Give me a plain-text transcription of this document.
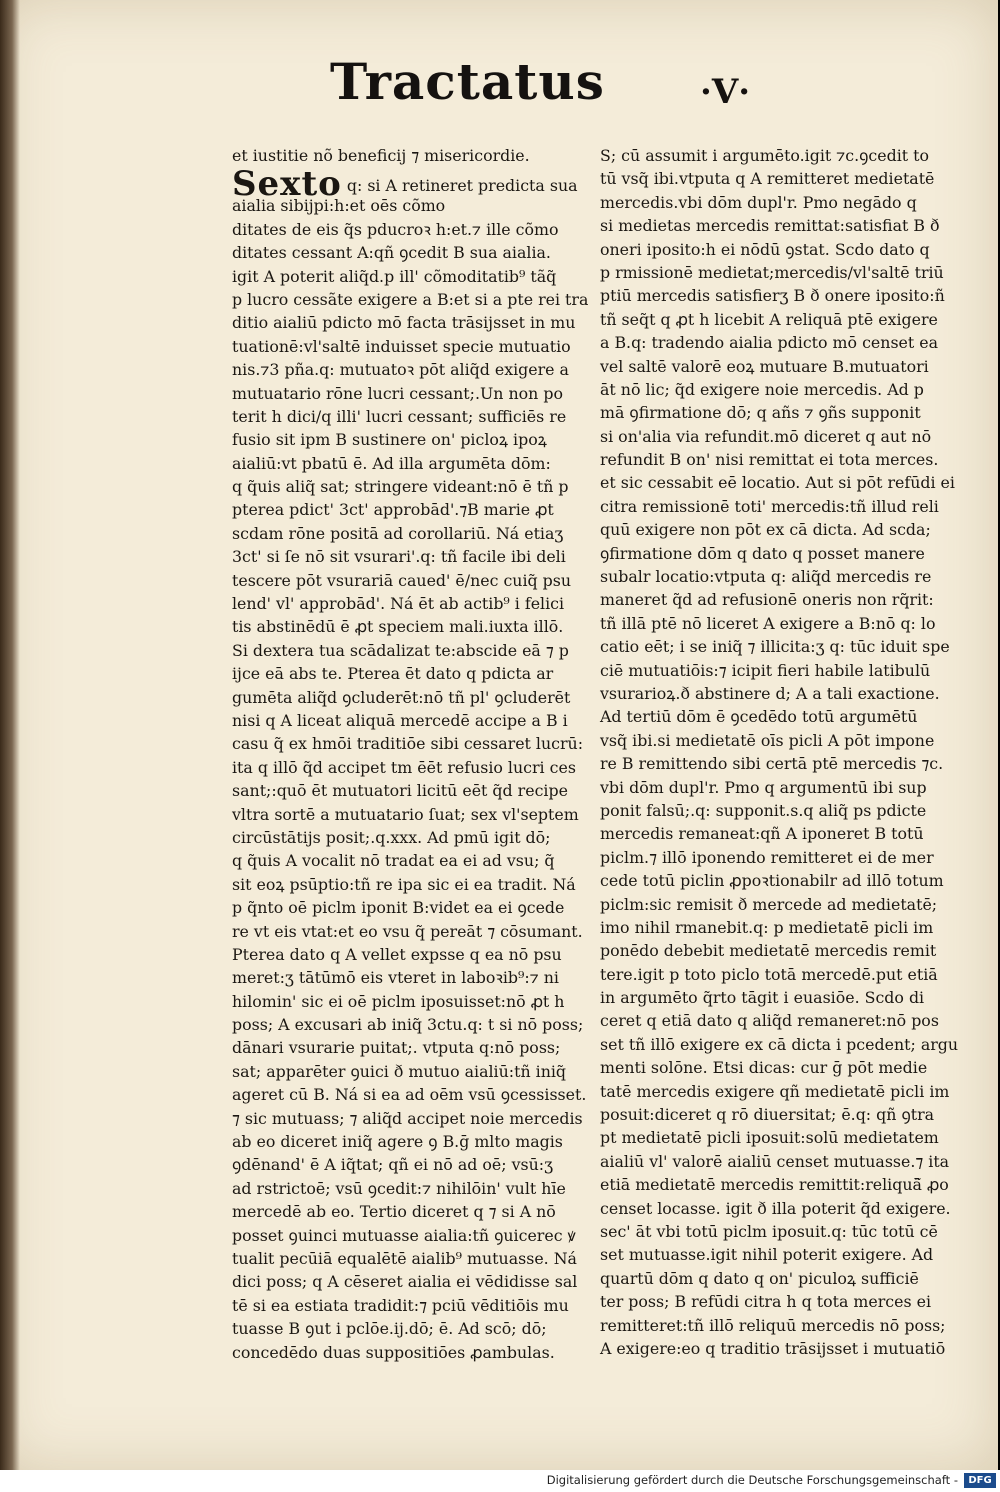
Tractatus	·V·
et iustitie nõ beneficij ⁊ misericordie.
Sexto q: si A retineret predicta sua
aialia sibijpi:h:et oēs cõmo
ditates de eis q̃s pducroꝛ h:et.⁊ ille cõmo
ditates cessant A:qñ ꝯcedit B sua aialia.
igit A poterit aliq̃d.p ill' cõmoditatib⁹ tãq̃
p lucro cessãte exigere a B:et si a pte rei tra
ditio aialiū pdicto mō facta trāsijsset in mu
tuationē:vl'saltē induisset specie mutuatio
nis.⁊3 pña.q: mutuatoꝛ pōt aliq̃d exigere a
mutuatario rōne lucri cessant;.Un non po
terit h dici/q illi' lucri cessant; sufficiēs re
fusio sit ipm B sustinere on' picloꝝ ipoꝝ
aialiū:vt pbatū ē. Ad illa argumēta dōm:
q q̃uis aliq̃ sat; stringere videant:nō ē tñ p
pterea pdict' 3ct' approbād'.⁊B marie ꝓt
scdam rōne positā ad corollariū. Ná etiaʒ
3ct' si ſe nō sit vsurari'.q: tñ facile ibi deli
tescere pōt vsurariā caued' ē/nec cuiq̃ psu
lend' vl' approbād'. Ná ēt ab actib⁹ i felici
tis abstinēdū ē ꝓt speciem mali.iuxta illō.
Si dextera tua scādalizat te:abscide eā ⁊ p
ijce eā abs te. Pterea ēt dato q pdicta ar
gumēta aliq̃d ꝯcluderēt:nō tñ pl' ꝯcluderēt
nisi q A liceat aliquā mercedē accipe a B i
casu q̃ ex hmōi traditiōe sibi cessaret lucrū:
ita q illō q̃d accipet tm ēēt refusio lucri ces
sant;:quō ēt mutuatori licitū eēt q̃d recipe
vltra sortē a mutuatario ſuat; sex vl'septem
circūstātijs posit;.q.xxx. Ad pmū igit dō;
q q̃uis A vocalit nō tradat ea ei ad vsu; q̃
sit eoꝝ psūptio:tñ re ipa sic ei ea tradit. Ná
p q̃nto oē piclm iponit B:videt ea ei ꝯcede
re vt eis vtat:et eo vsu q̃ pereāt ⁊ cōsumant.
Pterea dato q A vellet expsse q ea nō psu
meret:ʒ tātūmō eis vteret in laboꝛib⁹:⁊ ni
hilomin' sic ei oē piclm iposuisset:nō ꝓt h
poss; A excusari ab iniq̃ 3ctu.q: t si nō poss;
dānari vsurarie puitat;. vtputa q:nō poss;
sat; apparēter ꝯuici ð mutuo aialiū:tñ iniq̃
ageret cū B. Ná si ea ad oēm vsū ꝯcessisset.
⁊ sic mutuass; ⁊ aliq̃d accipet noie mercedis
ab eo diceret iniq̃ agere ꝯ B.ḡ mlto magis
ꝯdēnand' ē A iq̃tat; qñ ei nō ad oē; vsū:ʒ
ad rstrictoē; vsū ꝯcedit:⁊ nihilōin' vult hīe
mercedē ab eo. Tertio diceret q ⁊ si A nō
posset ꝯuinci mutuasse aialia:tñ ꝯuicerec ꝟ
tualit pecūiā equalētē aialib⁹ mutuasse. Ná
dici poss; q A cēseret aialia ei vēdidisse sal
tē si ea estiata tradidit:⁊ pciū vēditiōis mu
tuasse B ꝯut i pclōe.ij.dō; ē. Ad scō; dō;
concedēdo duas suppositiōes ꝓambulas.
S; cū assumit i argumēto.igit ⁊c.ꝯcedit to
tū vsq̃ ibi.vtputa q A remitteret medietatē
mercedis.vbi dōm dupl'r. Pmo negādo q
si medietas mercedis remittat:satisfiat B ð
oneri iposito:h ei nōdū ꝯstat. Scdo dato q
p rmissionē medietat;mercedis/vl'saltē triū
ptiū mercedis satisfierʒ B ð onere iposito:ñ
tñ seq̃t q ꝓt h licebit A reliquā ptē exigere
a B.q: tradendo aialia pdicto mō censet ea
vel saltē valorē eoꝝ mutuare B.mutuatori
āt nō lic; q̃d exigere noie mercedis. Ad p
mā ꝯfirmatione dō; q añs ⁊ ꝯñs supponit
si on'alia via refundit.mō diceret q aut nō
refundit B on' nisi remittat ei tota merces.
et sic cessabit eē locatio. Aut si pōt refūdi ei
citra remissionē toti' mercedis:tñ illud reli
quū exigere non pōt ex cā dicta. Ad scda;
ꝯfirmatione dōm q dato q posset manere
subalr locatio:vtputa q: aliq̃d mercedis re
maneret q̃d ad refusionē oneris non rq̃rit:
tñ illā ptē nō liceret A exigere a B:nō q: lo
catio eēt; i se iniq̃ ⁊ illicita:ʒ q: tūc iduit spe
ciē mutuatiōis:⁊ icipit fieri habile latibulū
vsurarioꝝ.ð abstinere d; A a tali exactione.
Ad tertiū dōm ē ꝯcedēdo totū argumētū
vsq̃ ibi.si medietatē oīs picli A pōt impone
re B remittendo sibi certā ptē mercedis ⁊c.
vbi dōm dupl'r. Pmo q argumentū ibi sup
ponit falsū;.q: supponit.s.q aliq̃ ps pdicte
mercedis remaneat:qñ A iponeret B totū
piclm.⁊ illō iponendo remitteret ei de mer
cede totū piclin ꝓpoꝛtionabilr ad illō totum
piclm:sic remisit ð mercede ad medietatē;
imo nihil rmanebit.q: p medietatē picli im
ponēdo debebit medietatē mercedis remit
tere.igit p toto piclo totā mercedē.put etiā
in argumēto q̃rto tāgit i euasiōe. Scdo di
ceret q etiā dato q aliq̃d remaneret:nō pos
set tñ illō exigere ex cā dicta i pcedent; argu
menti solōne. Etsi dicas: cur ḡ pōt medie
tatē mercedis exigere qñ medietatē picli im
posuit:diceret q rō diuersitat; ē.q: qñ ꝯtra
pt medietatē picli iposuit:solū medietatem
aialiū vl' valorē aialiū censet mutuasse.⁊ ita
etiā medietatē mercedis remittit:reliquā̃ ꝓo
censet locasse. igit ð illa poterit q̃d exigere.
sec' āt vbi totū piclm iposuit.q: tūc totū cē
set mutuasse.igit nihil poterit exigere. Ad
quartū dōm q dato q on' piculoꝝ sufficiē
ter poss; B refūdi citra h q tota merces ei
remitteret:tñ illō reliquū mercedis nō poss;
A exigere:eo q traditio trāsijsset i mutuatiō
Digitalisierung gefördert durch die Deutsche Forschungsgemeinschaft -	DFG
